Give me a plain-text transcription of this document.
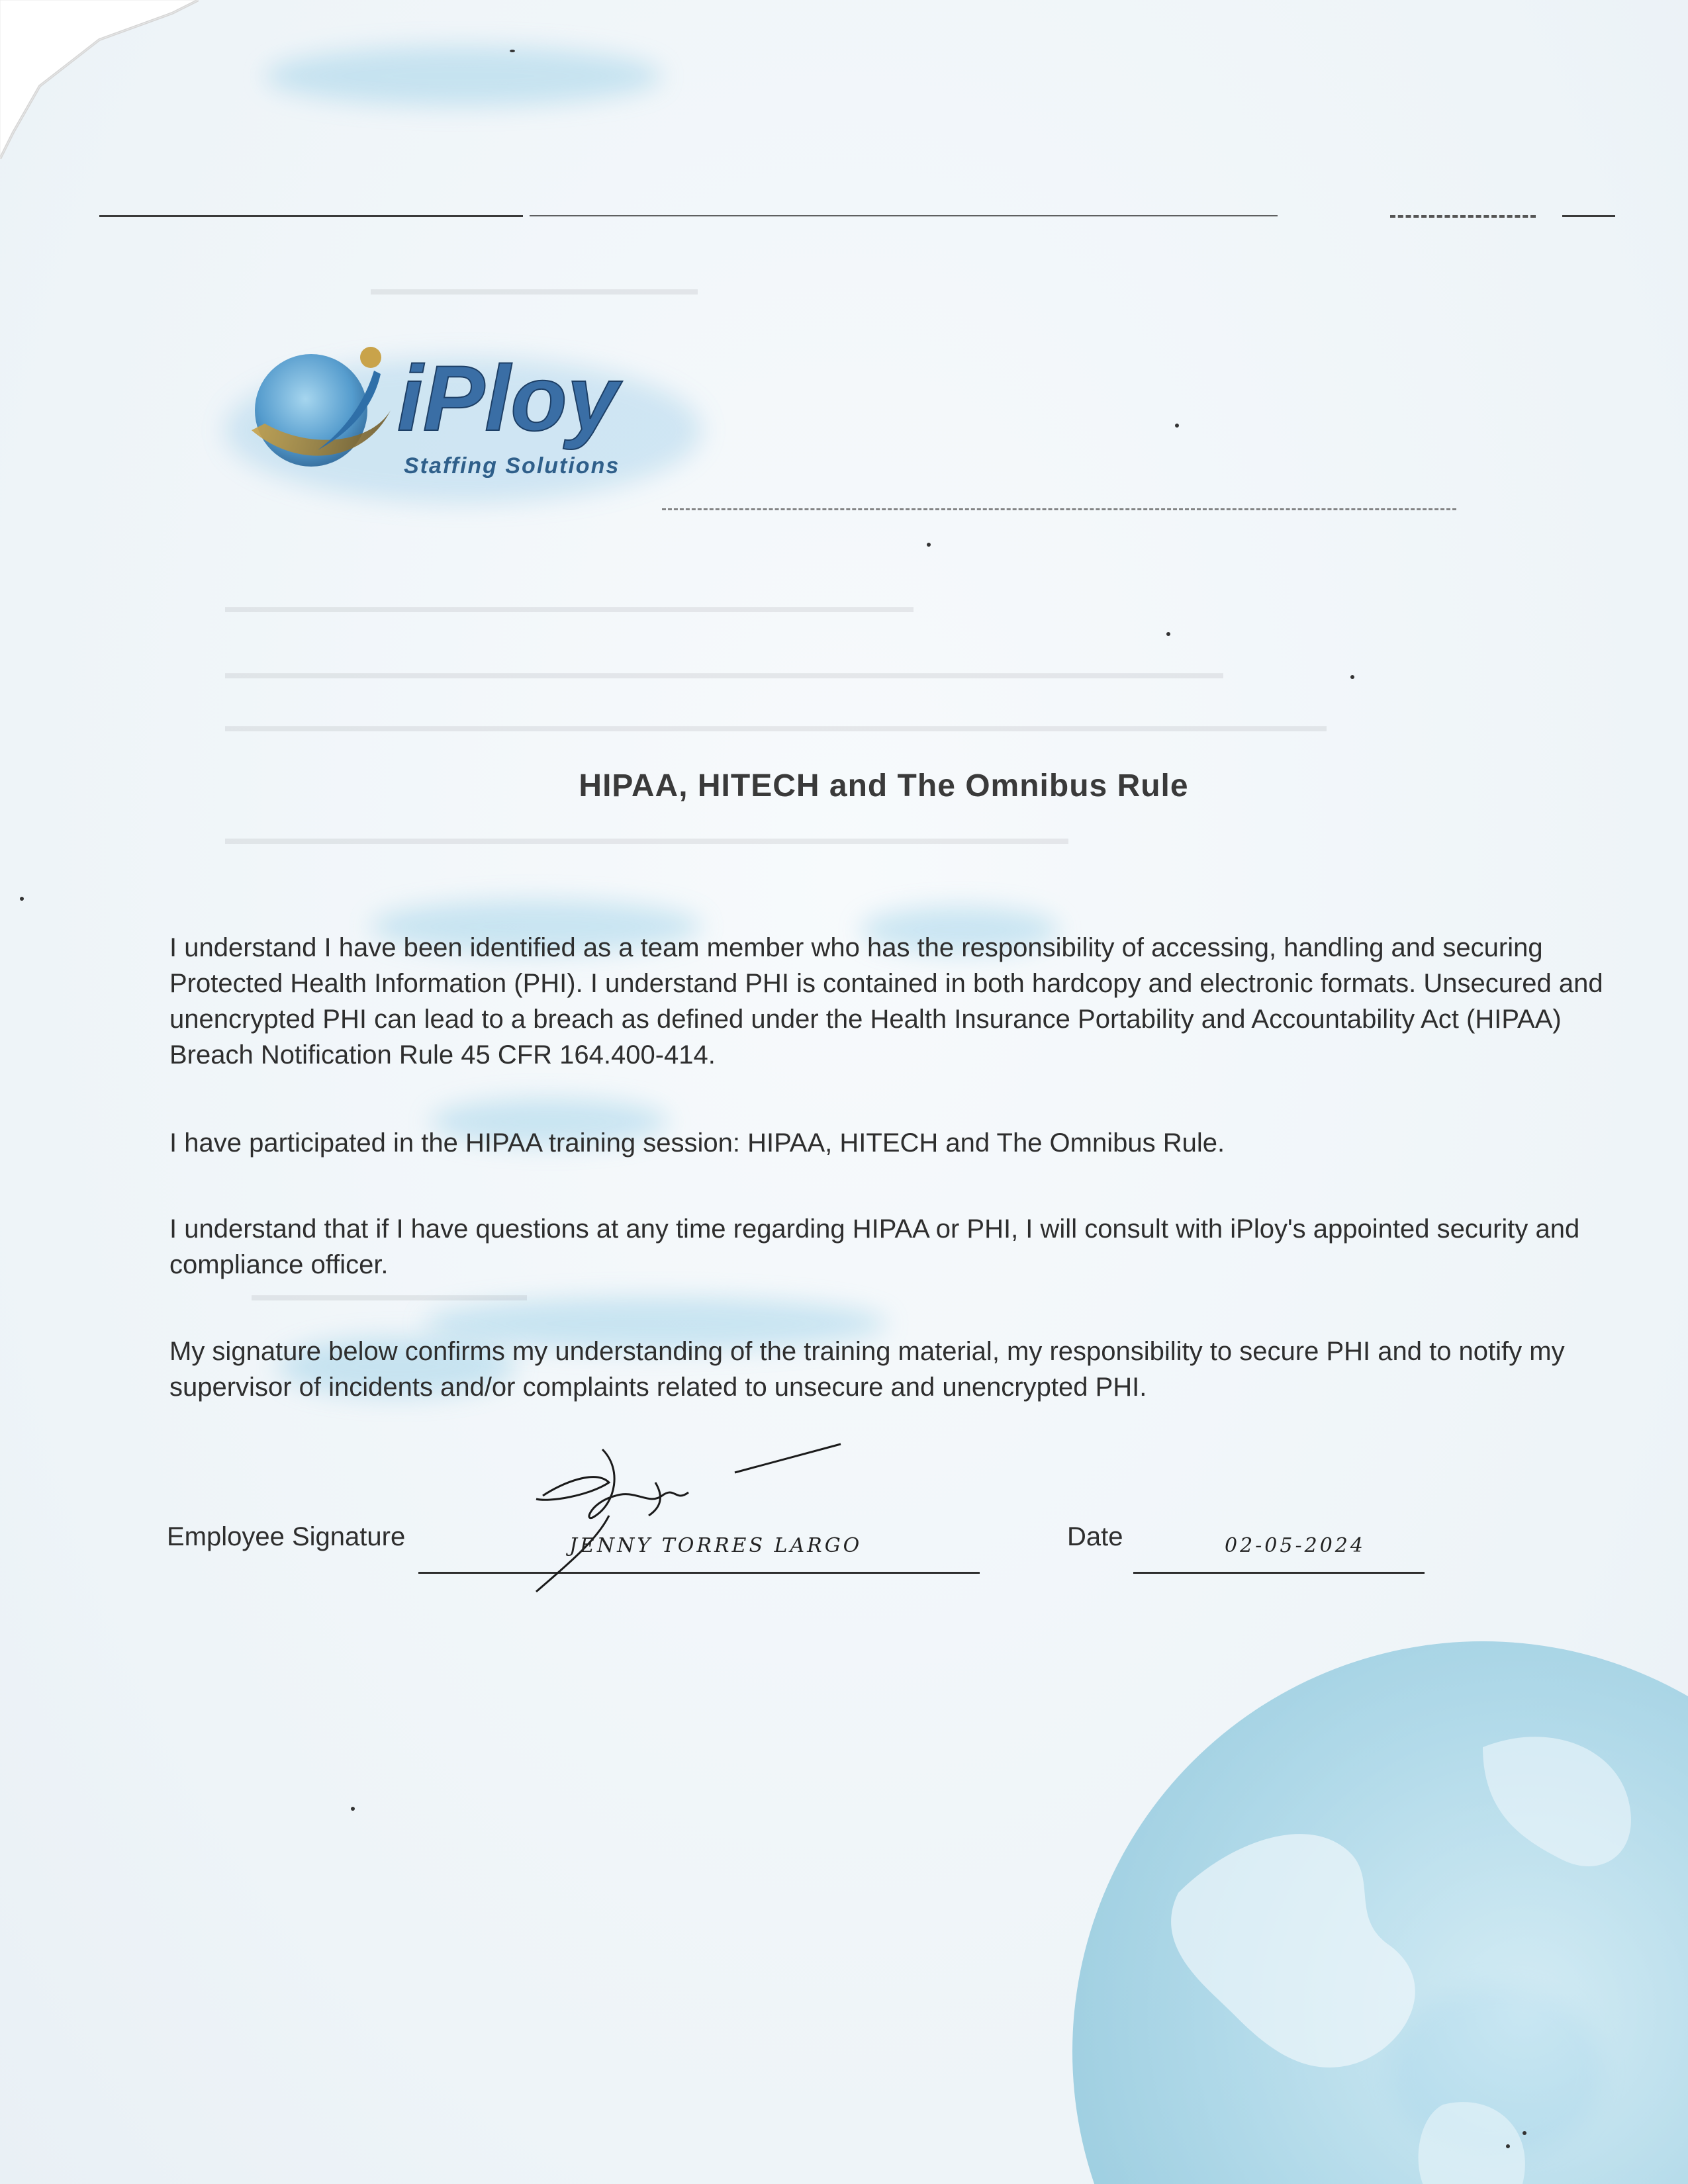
▬▬▬▬▬▬▬▬▬▬▬▬▬▬▬▬▬▬▬
▬▬▬▬▬▬▬▬▬▬▬▬▬▬▬▬▬▬▬▬▬▬▬▬▬▬▬▬▬▬▬▬▬▬▬▬▬▬▬▬
▬▬▬▬▬▬▬▬▬▬▬▬▬▬▬▬▬▬▬▬▬▬▬▬▬▬▬▬▬▬▬▬▬▬▬▬▬▬▬▬▬▬▬▬▬▬▬▬▬▬▬▬▬▬▬▬▬▬
▬▬▬▬▬▬▬▬▬▬▬▬▬▬▬▬▬▬▬▬▬▬▬▬▬▬▬▬▬▬▬▬▬▬▬▬▬▬▬▬▬▬▬▬▬▬▬▬▬▬▬▬▬▬▬▬▬▬▬▬▬▬▬▬
▬▬▬▬▬▬▬▬▬▬▬▬▬▬▬▬▬▬▬▬▬▬▬▬▬▬▬▬▬▬▬▬▬▬▬▬▬▬▬▬▬▬▬▬▬▬▬▬▬
▬▬▬▬▬▬▬▬▬▬▬▬▬▬▬▬
iPloy
Staffing Solutions
HIPAA, HITECH and The Omnibus Rule

I understand I have been identified as a team member who has the responsibility of accessing, handling and securing Protected Health Information (PHI). I understand PHI is contained in both hardcopy and electronic formats. Unsecured and unencrypted PHI can lead to a breach as defined under the Health Insurance Portability and Accountability Act (HIPAA) Breach Notification Rule 45 CFR 164.400-414.

I have participated in the HIPAA training session: HIPAA, HITECH and The Omnibus Rule.

I understand that if I have questions at any time regarding HIPAA or PHI, I will consult with iPloy's appointed security and compliance officer.

My signature below confirms my understanding of the training material, my responsibility to secure PHI and to notify my supervisor of incidents and/or complaints related to unsecure and unencrypted PHI.

Employee Signature	Date
JENNY TORRES LARGO	02-05-2024
